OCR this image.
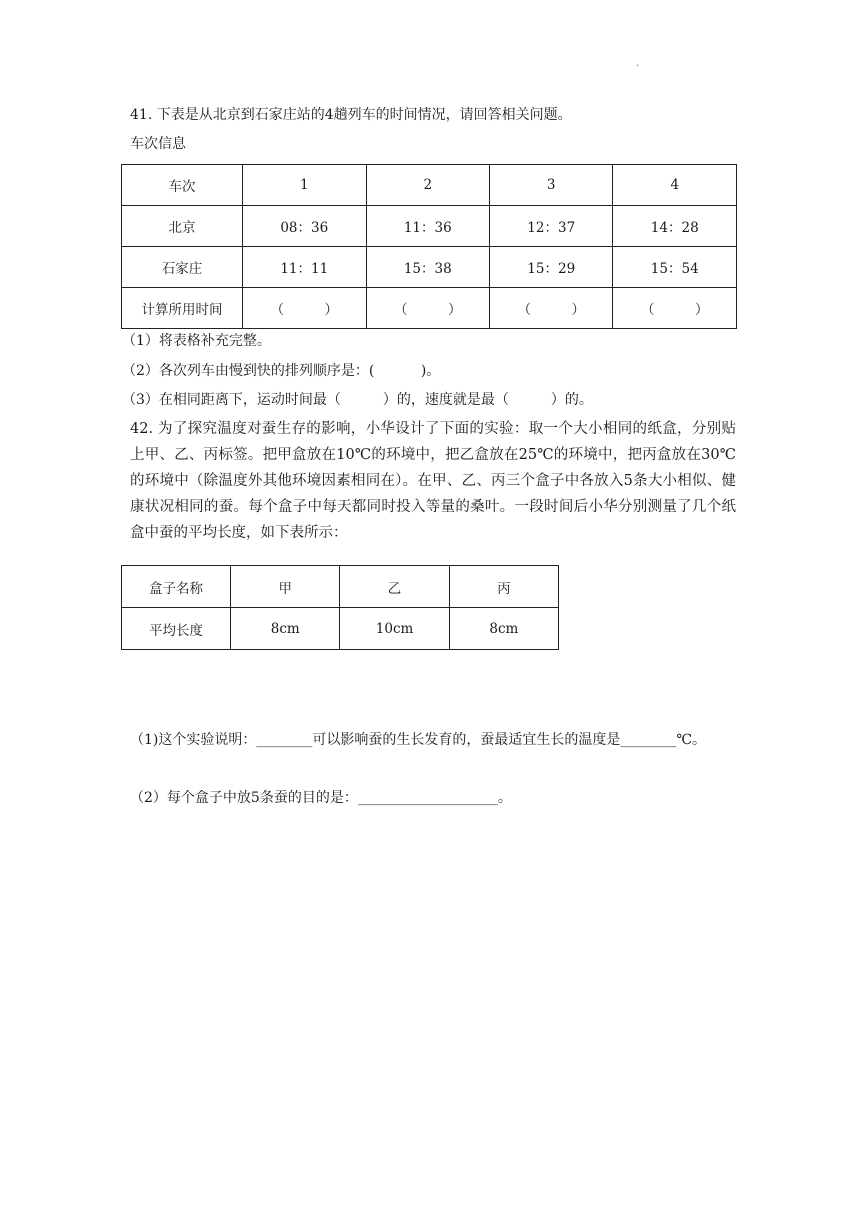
.
41. 下表是从北京到石家庄站的4趟列车的时间情况，请回答相关问题。
车次信息
车次	1	2	3	4
北京	08：36	11：36	12：37	14：28
石家庄	11：11	15：38	15：29	15：54
计算所用时间	（　　　）	（　　　）	（　　　）	（　　　）
（1）将表格补充完整。
（2）各次列车由慢到快的排列顺序是：(　　　 )。
（3）在相同距离下，运动时间最（　　　）的，速度就是最（　　　）的。
42. 为了探究温度对蚕生存的影响，小华设计了下面的实验：取一个大小相同的纸盒，分别贴上甲、乙、丙标签。把甲盒放在10℃的环境中，把乙盒放在25℃的环境中，把丙盒放在30℃的环境中（除温度外其他环境因素相同在）。在甲、乙、丙三个盒子中各放入5条大小相似、健康状况相同的蚕。每个盒子中每天都同时投入等量的桑叶。一段时间后小华分别测量了几个纸盒中蚕的平均长度，如下表所示：
盒子名称	甲	乙	丙
平均长度	8cm	10cm	8cm
（1)这个实验说明：________可以影响蚕的生长发育的，蚕最适宜生长的温度是________℃。
（2）每个盒子中放5条蚕的目的是：____________________。
